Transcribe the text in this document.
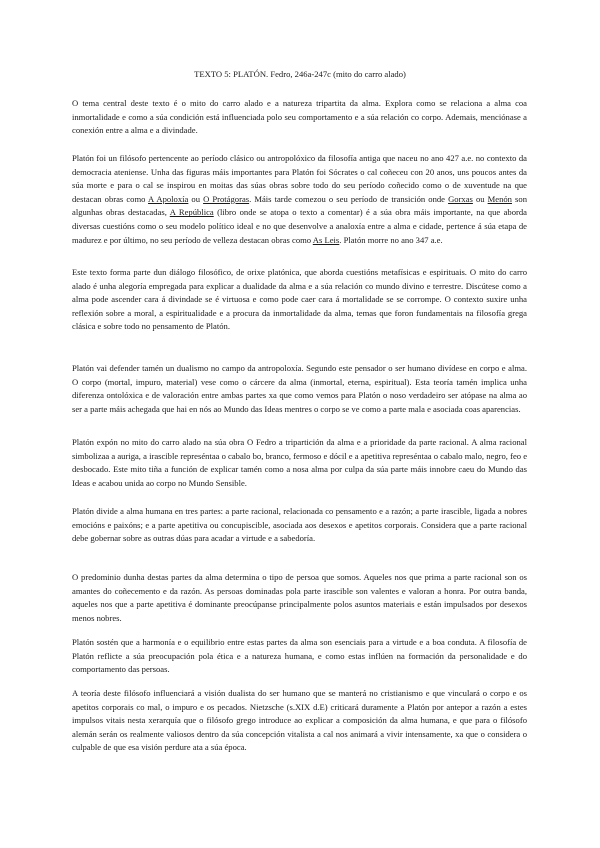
TEXTO 5: PLATÓN. Fedro, 246a-247c (mito do carro alado)

O tema central deste texto é o mito do carro alado e a natureza tripartita da alma. Explora como se relaciona a alma coa inmortalidade e como a súa condición está influenciada polo seu comportamento e a súa relación co corpo. Ademais, menciónase a conexión entre a alma e a divindade.

Platón foi un filósofo pertencente ao período clásico ou antropolóxico da filosofía antiga que naceu no ano 427 a.e. no contexto da democracia ateniense. Unha das figuras máis importantes para Platón foi Sócrates o cal coñeceu con 20 anos, uns poucos antes da súa morte e para o cal se inspirou en moitas das súas obras sobre todo do seu período coñecido como o de xuventude na que destacan obras como A Apoloxía ou O Protágoras. Máis tarde comezou o seu período de transición onde Gorxas ou Menón son algunhas obras destacadas, A República (libro onde se atopa o texto a comentar) é a súa obra máis importante, na que aborda diversas cuestións como o seu modelo político ideal e no que desenvolve a analoxía entre a alma e cidade, pertence á súa etapa de madurez e por último, no seu período de velleza destacan obras como As Leis. Platón morre no ano 347 a.e.

Este texto forma parte dun diálogo filosófico, de orixe platónica, que aborda cuestións metafísicas e espirituais. O mito do carro alado é unha alegoría empregada para explicar a dualidade da alma e a súa relación co mundo divino e terrestre. Discútese como a alma pode ascender cara á divindade se é virtuosa e como pode caer cara á mortalidade se se corrompe. O contexto suxire unha reflexión sobre a moral, a espiritualidade e a procura da inmortalidade da alma, temas que foron fundamentais na filosofía grega clásica e sobre todo no pensamento de Platón.

Platón vai defender tamén un dualismo no campo da antropoloxía. Segundo este pensador o ser humano divídese en corpo e alma. O corpo (mortal, impuro, material) vese como o cárcere da alma (inmortal, eterna, espiritual). Esta teoría tamén implica unha diferenza ontolóxica e de valoración entre ambas partes xa que como vemos para Platón o noso verdadeiro ser atópase na alma ao ser a parte máis achegada que hai en nós ao Mundo das Ideas mentres o corpo se ve como a parte mala e asociada coas aparencias.

Platón expón no mito do carro alado na súa obra O Fedro a tripartición da alma e a prioridade da parte racional. A alma racional simbolizaa a auriga, a irascible represéntaa o cabalo bo, branco, fermoso e dócil e a apetitiva represéntaa o cabalo malo, negro, feo e desbocado. Este mito tiña a función de explicar tamén como a nosa alma por culpa da súa parte máis innobre caeu do Mundo das Ideas e acabou unida ao corpo no Mundo Sensible.

Platón divide a alma humana en tres partes: a parte racional, relacionada co pensamento e a razón; a parte irascible, ligada a nobres emocións e paixóns; e a parte apetitiva ou concupiscible, asociada aos desexos e apetitos corporais. Considera que a parte racional debe gobernar sobre as outras dúas para acadar a virtude e a sabedoría.

O predominio dunha destas partes da alma determina o tipo de persoa que somos. Aqueles nos que prima a parte racional son os amantes do coñecemento e da razón. As persoas dominadas pola parte irascible son valentes e valoran a honra. Por outra banda, aqueles nos que a parte apetitiva é dominante preocúpanse principalmente polos asuntos materiais e están impulsados por desexos menos nobres.

Platón sostén que a harmonía e o equilibrio entre estas partes da alma son esenciais para a virtude e a boa conduta. A filosofía de Platón reflicte a súa preocupación pola ética e a natureza humana, e como estas inflúen na formación da personalidade e do comportamento das persoas.

A teoría deste filósofo influenciará a visión dualista do ser humano que se manterá no cristianismo e que vinculará o corpo e os apetitos corporais co mal, o impuro e os pecados. Nietzsche (s.XIX d.E) criticará duramente a Platón por antepor a razón a estes impulsos vitais nesta xerarquía que o filósofo grego introduce ao explicar a composición da alma humana, e que para o filósofo alemán serán os realmente valiosos dentro da súa concepción vitalista a cal nos animará a vivir intensamente, xa que o considera o culpable de que esa visión perdure ata a súa época.
